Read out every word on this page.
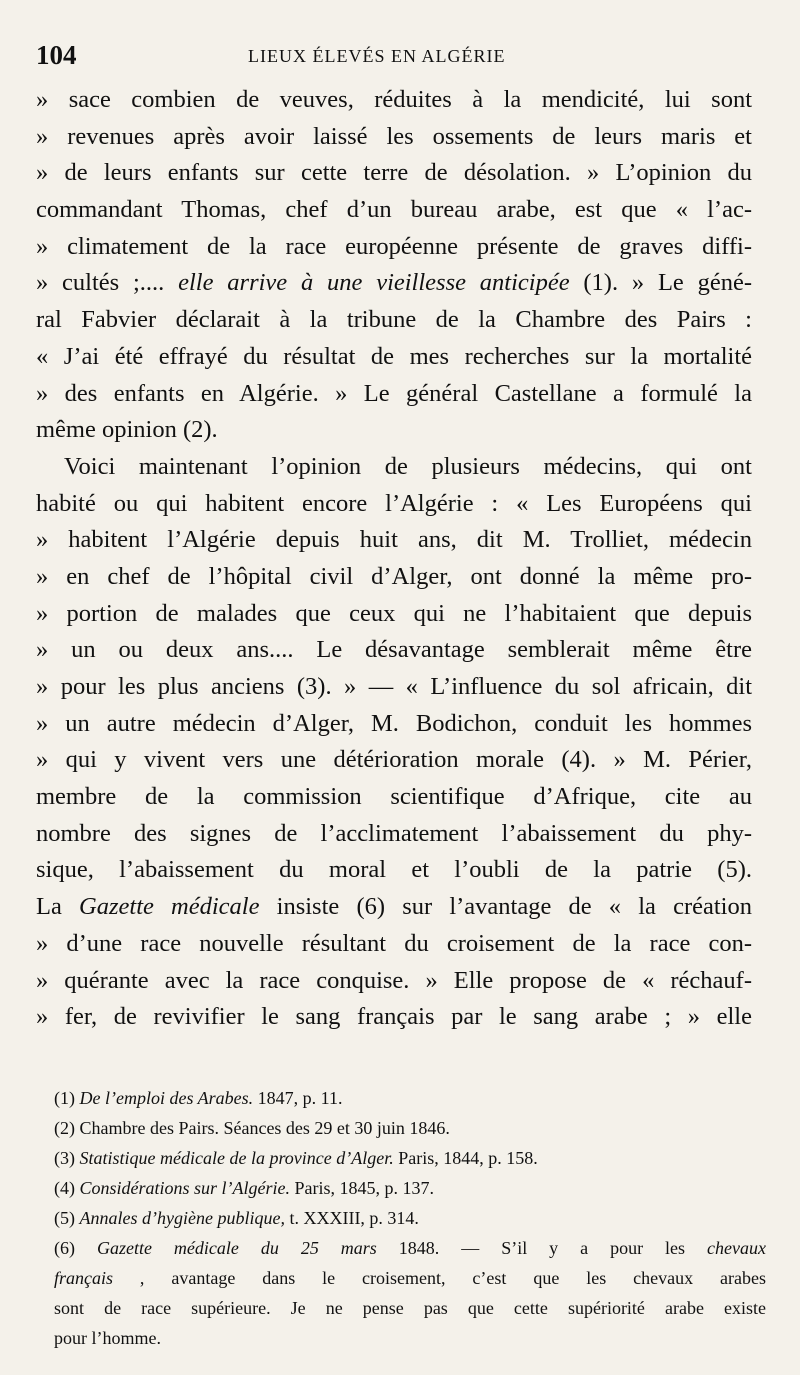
104	LIEUX ÉLEVÉS EN ALGÉRIE
» sace combien de veuves, réduites à la mendicité, lui sont
» revenues après avoir laissé les ossements de leurs maris et
» de leurs enfants sur cette terre de désolation. » L’opinion du
commandant Thomas, chef d’un bureau arabe, est que « l’ac-
» climatement de la race européenne présente de graves diffi-
» cultés ;.... elle arrive à une vieillesse anticipée (1). » Le géné-
ral Fabvier déclarait à la tribune de la Chambre des Pairs :
« J’ai été effrayé du résultat de mes recherches sur la mortalité
» des enfants en Algérie. » Le général Castellane a formulé la
même opinion (2).
Voici maintenant l’opinion de plusieurs médecins, qui ont
habité ou qui habitent encore l’Algérie : « Les Européens qui
» habitent l’Algérie depuis huit ans, dit M. Trolliet, médecin
» en chef de l’hôpital civil d’Alger, ont donné la même pro-
» portion de malades que ceux qui ne l’habitaient que depuis
» un ou deux ans.... Le désavantage semblerait même être
» pour les plus anciens (3). » — « L’influence du sol africain, dit
» un autre médecin d’Alger, M. Bodichon, conduit les hommes
» qui y vivent vers une détérioration morale (4). » M. Périer,
membre de la commission scientifique d’Afrique, cite au
nombre des signes de l’acclimatement l’abaissement du phy-
sique, l’abaissement du moral et l’oubli de la patrie (5).
La Gazette médicale insiste (6) sur l’avantage de « la création
» d’une race nouvelle résultant du croisement de la race con-
» quérante avec la race conquise. » Elle propose de « réchauf-
» fer, de revivifier le sang français par le sang arabe ; » elle
(1) De l’emploi des Arabes. 1847, p. 11.
(2) Chambre des Pairs. Séances des 29 et 30 juin 1846.
(3) Statistique médicale de la province d’Alger. Paris, 1844, p. 158.
(4) Considérations sur l’Algérie. Paris, 1845, p. 137.
(5) Annales d’hygiène publique, t. XXXIII, p. 314.
(6) Gazette médicale du 25 mars 1848. — S’il y a pour les chevaux
français , avantage dans le croisement, c’est que les chevaux arabes
sont de race supérieure. Je ne pense pas que cette supériorité arabe existe
pour l’homme.
